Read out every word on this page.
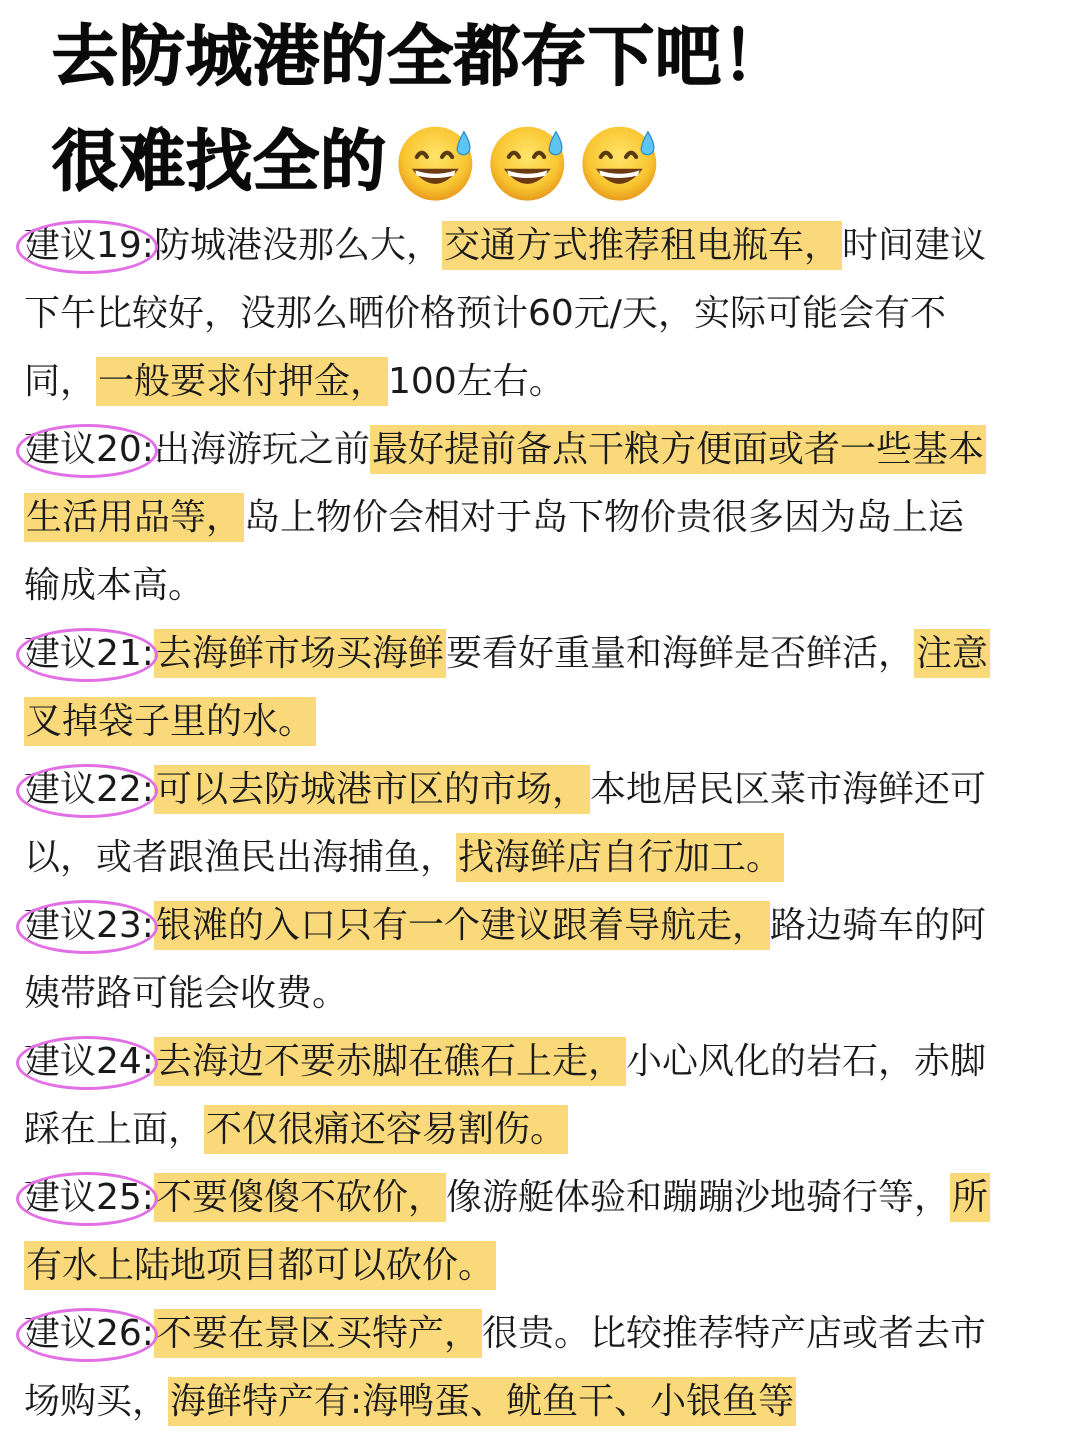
去防城港的全都存下吧！
很难找全的
建议19:防城港没那么大，交通方式推荐租电瓶车，时间建议
下午比较好，没那么晒价格预计60元/天，实际可能会有不
同，一般要求付押金，100左右。
建议20:出海游玩之前最好提前备点干粮方便面或者一些基本
生活用品等，岛上物价会相对于岛下物价贵很多因为岛上运
输成本高。
建议21:去海鲜市场买海鲜要看好重量和海鲜是否鲜活，注意
叉掉袋子里的水。
建议22:可以去防城港市区的市场，本地居民区菜市海鲜还可
以，或者跟渔民出海捕鱼，找海鲜店自行加工。
建议23:银滩的入口只有一个建议跟着导航走，路边骑车的阿
姨带路可能会收费。
建议24:去海边不要赤脚在礁石上走，小心风化的岩石，赤脚
踩在上面，不仅很痛还容易割伤。
建议25:不要傻傻不砍价，像游艇体验和蹦蹦沙地骑行等，所
有水上陆地项目都可以砍价。
建议26:不要在景区买特产，很贵。比较推荐特产店或者去市
场购买，海鲜特产有:海鸭蛋、鱿鱼干、小银鱼等
